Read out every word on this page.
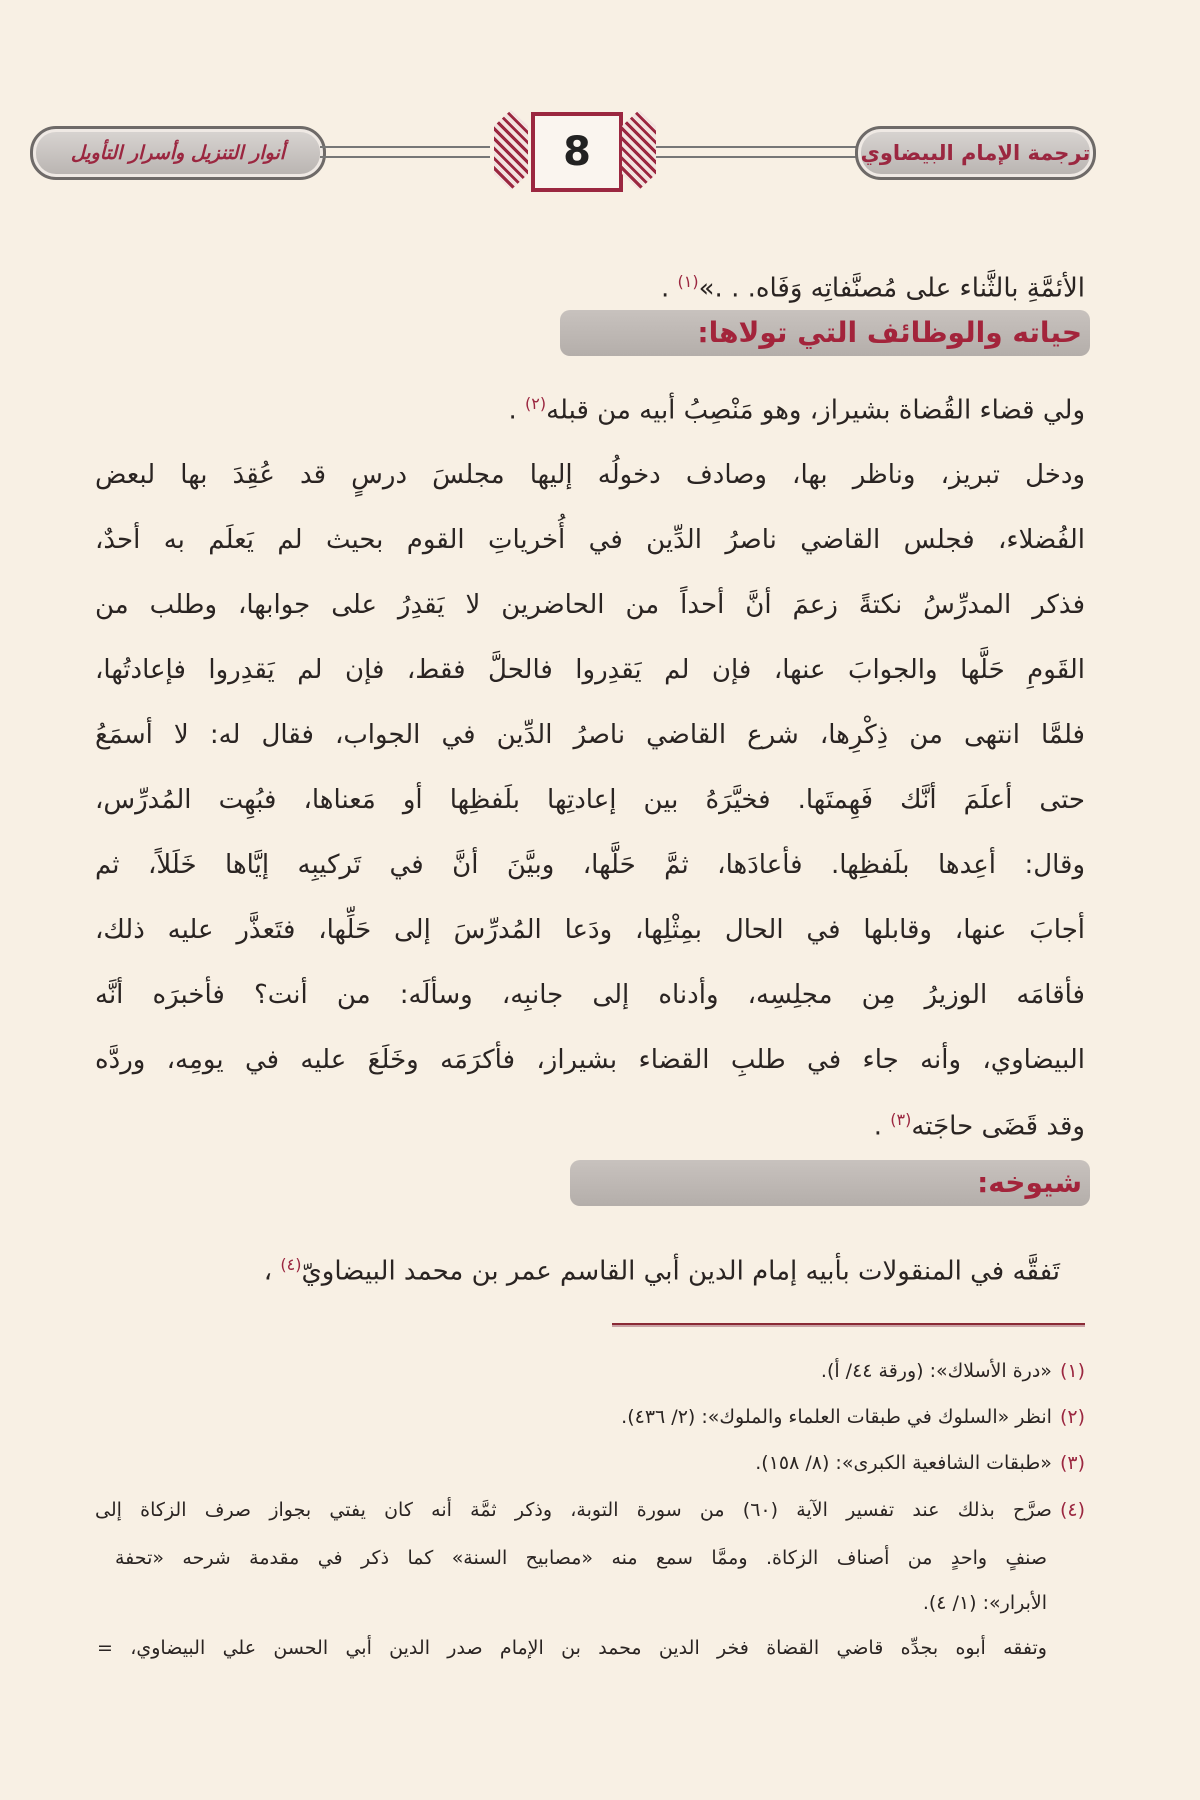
أنوار التنزيل وأسرار التأويل	8	ترجمة الإمام البيضاوي
الأئمَّةِ بالثَّناء على مُصنَّفاتِه وَفَاه. . .»$^{(١)}$ .
حياته والوظائف التي تولاها:
ولي قضاء القُضاة بشيراز، وهو مَنْصِبُ أبيه من قبله$^{(٢)}$ .
ودخل تبريز، وناظر بها، وصادف دخولُه إليها مجلسَ درسٍ قد عُقِدَ بها لبعض
الفُضلاء، فجلس القاضي ناصرُ الدِّين في أُخرياتِ القوم بحيث لم يَعلَم به أحدٌ،
فذكر المدرِّسُ نكتةً زعمَ أنَّ أحداً من الحاضرين لا يَقدِرُ على جوابها، وطلب من
القَومِ حَلَّها والجوابَ عنها، فإن لم يَقدِروا فالحلَّ فقط، فإن لم يَقدِروا فإعادتُها،
فلمَّا انتهى من ذِكْرِها، شرع القاضي ناصرُ الدِّين في الجواب، فقال له: لا أسمَعُ
حتى أعلَمَ أنَّك فَهِمتَها. فخيَّرَهُ بين إعادتِها بلَفظِها أو مَعناها، فبُهِت المُدرِّس،
وقال: أعِدها بلَفظِها. فأعادَها، ثمَّ حَلَّها، وبيَّنَ أنَّ في تَركيبِه إيَّاها خَلَلاً، ثم
أجابَ عنها، وقابلها في الحال بمِثْلِها، ودَعا المُدرِّسَ إلى حَلِّها، فتَعذَّر عليه ذلك،
فأقامَه الوزيرُ مِن مجلِسِه، وأدناه إلى جانبِه، وسألَه: من أنت؟ فأخبرَه أنَّه
البيضاوي، وأنه جاء في طلبِ القضاء بشيراز، فأكرَمَه وخَلَعَ عليه في يومِه، وردَّه
وقد قَضَى حاجَته$^{(٣)}$ .
شيوخه:
تَفقَّه في المنقولات بأبيه إمام الدين أبي القاسم عمر بن محمد البيضاويّ$^{(٤)}$ ،
(١)«درة الأسلاك»: (ورقة ٤٤/ أ).
(٢)انظر «السلوك في طبقات العلماء والملوك»: (٢/ ٤٣٦).
(٣)«طبقات الشافعية الكبرى»: (٨/ ١٥٨).
(٤)صرَّح بذلك عند تفسير الآية (٦٠) من سورة التوبة، وذكر ثمَّة أنه كان يفتي بجواز صرف الزكاة إلى
صنفٍ واحدٍ من أصناف الزكاة. وممَّا سمع منه «مصابيح السنة» كما ذكر في مقدمة شرحه «تحفة
الأبرار»: (١/ ٤).
وتفقه أبوه بجدِّه قاضي القضاة فخر الدين محمد بن الإمام صدر الدين أبي الحسن علي البيضاوي، =
